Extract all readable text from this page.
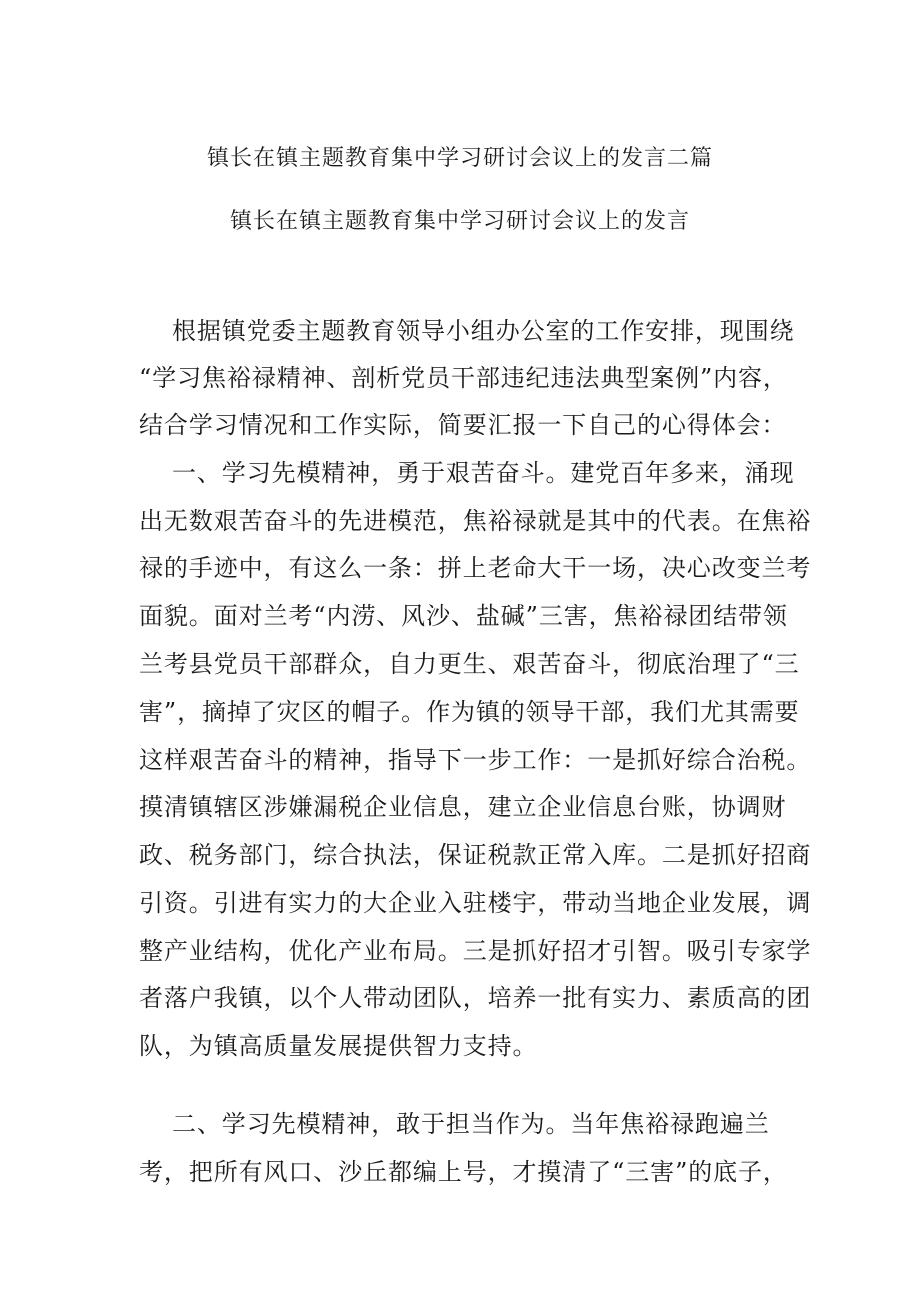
镇长在镇主题教育集中学习研讨会议上的发言二篇
镇长在镇主题教育集中学习研讨会议上的发言
根据镇党委主题教育领导小组办公室的工作安排，现围绕
“学习焦裕禄精神、剖析党员干部违纪违法典型案例”内容，
结合学习情况和工作实际，简要汇报一下自己的心得体会：
一、学习先模精神，勇于艰苦奋斗。建党百年多来，涌现
出无数艰苦奋斗的先进模范，焦裕禄就是其中的代表。在焦裕
禄的手迹中，有这么一条：拼上老命大干一场，决心改变兰考
面貌。面对兰考“内涝、风沙、盐碱”三害，焦裕禄团结带领
兰考县党员干部群众，自力更生、艰苦奋斗，彻底治理了“三
害”，摘掉了灾区的帽子。作为镇的领导干部，我们尤其需要
这样艰苦奋斗的精神，指导下一步工作：一是抓好综合治税。
摸清镇辖区涉嫌漏税企业信息，建立企业信息台账，协调财
政、税务部门，综合执法，保证税款正常入库。二是抓好招商
引资。引进有实力的大企业入驻楼宇，带动当地企业发展，调
整产业结构，优化产业布局。三是抓好招才引智。吸引专家学
者落户我镇，以个人带动团队，培养一批有实力、素质高的团
队，为镇高质量发展提供智力支持。
二、学习先模精神，敢于担当作为。当年焦裕禄跑遍兰
考，把所有风口、沙丘都编上号，才摸清了“三害”的底子，
